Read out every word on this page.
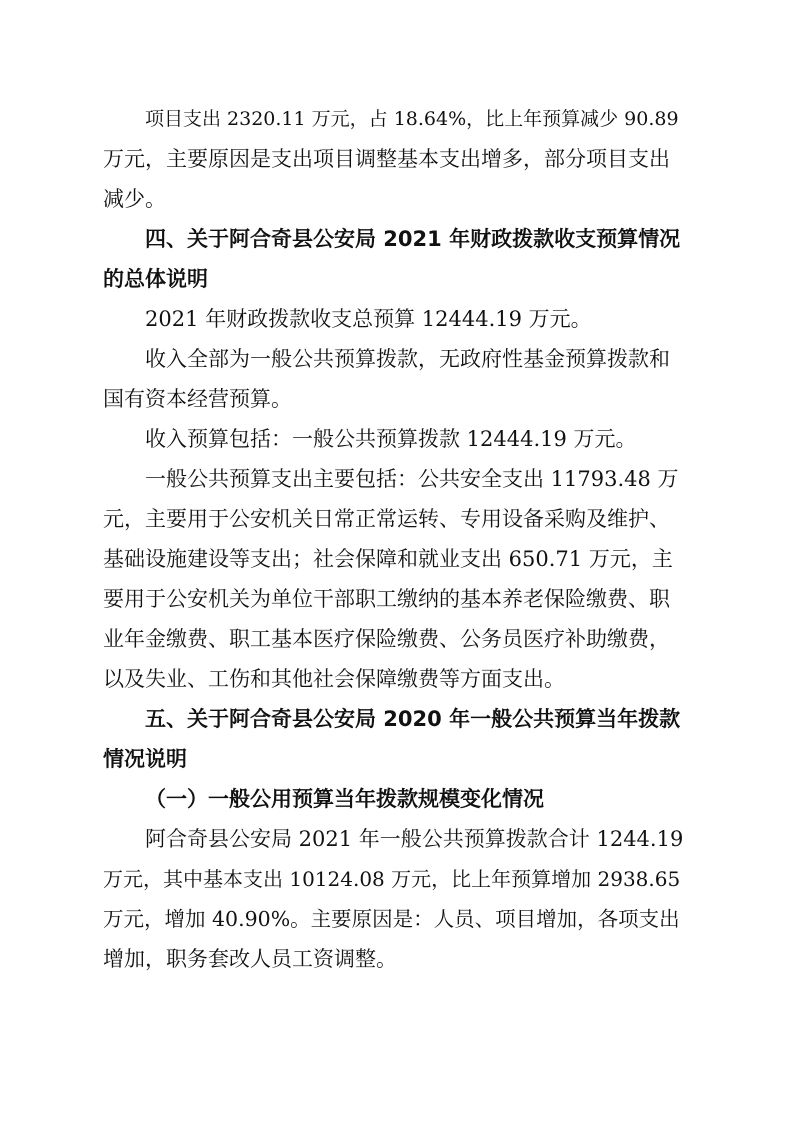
项目支出 2320.11 万元，占 18.64%，比上年预算减少 90.89
万元，主要原因是支出项目调整基本支出增多，部分项目支出
减少。
四、关于阿合奇县公安局 2021 年财政拨款收支预算情况
的总体说明
2021 年财政拨款收支总预算 12444.19 万元。
收入全部为一般公共预算拨款，无政府性基金预算拨款和
国有资本经营预算。
收入预算包括：一般公共预算拨款 12444.19 万元。
一般公共预算支出主要包括：公共安全支出 11793.48 万
元，主要用于公安机关日常正常运转、专用设备采购及维护、
基础设施建设等支出；社会保障和就业支出 650.71 万元，主
要用于公安机关为单位干部职工缴纳的基本养老保险缴费、职
业年金缴费、职工基本医疗保险缴费、公务员医疗补助缴费，
以及失业、工伤和其他社会保障缴费等方面支出。
五、关于阿合奇县公安局 2020 年一般公共预算当年拨款
情况说明
（一）一般公用预算当年拨款规模变化情况
阿合奇县公安局 2021 年一般公共预算拨款合计 1244.19
万元，其中基本支出 10124.08 万元，比上年预算增加 2938.65
万元，增加 40.90%。主要原因是：人员、项目增加，各项支出
增加，职务套改人员工资调整。
